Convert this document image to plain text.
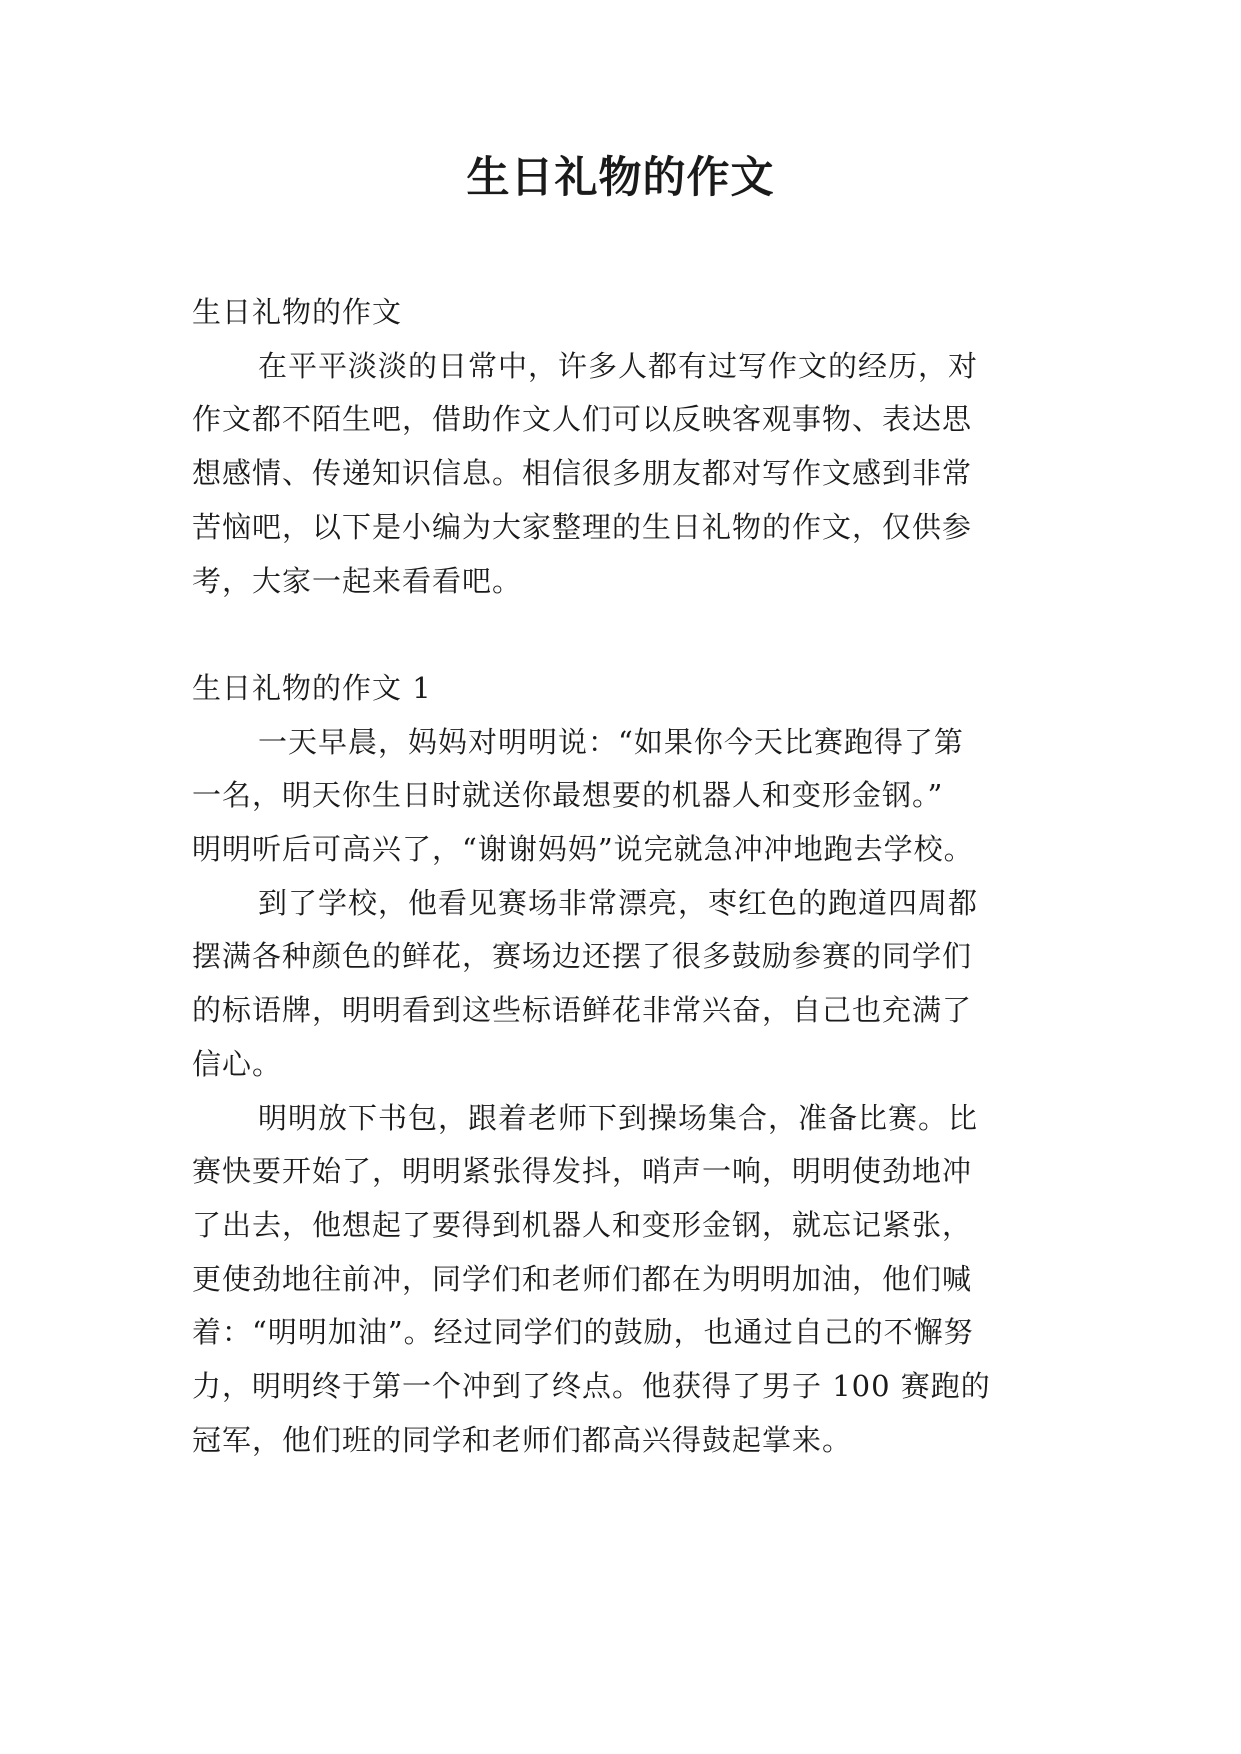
生日礼物的作文

生日礼物的作文

在平平淡淡的日常中，许多人都有过写作文的经历，对

作文都不陌生吧，借助作文人们可以反映客观事物、表达思

想感情、传递知识信息。相信很多朋友都对写作文感到非常

苦恼吧，以下是小编为大家整理的生日礼物的作文，仅供参

考，大家一起来看看吧。

生日礼物的作文 1

一天早晨，妈妈对明明说：“如果你今天比赛跑得了第

一名，明天你生日时就送你最想要的机器人和变形金钢。”

明明听后可高兴了，“谢谢妈妈”说完就急冲冲地跑去学校。

到了学校，他看见赛场非常漂亮，枣红色的跑道四周都

摆满各种颜色的鲜花，赛场边还摆了很多鼓励参赛的同学们

的标语牌，明明看到这些标语鲜花非常兴奋，自己也充满了

信心。

明明放下书包，跟着老师下到操场集合，准备比赛。比

赛快要开始了，明明紧张得发抖，哨声一响，明明使劲地冲

了出去，他想起了要得到机器人和变形金钢，就忘记紧张，

更使劲地往前冲，同学们和老师们都在为明明加油，他们喊

着：“明明加油”。经过同学们的鼓励，也通过自己的不懈努

力，明明终于第一个冲到了终点。他获得了男子 100 赛跑的

冠军，他们班的同学和老师们都高兴得鼓起掌来。
